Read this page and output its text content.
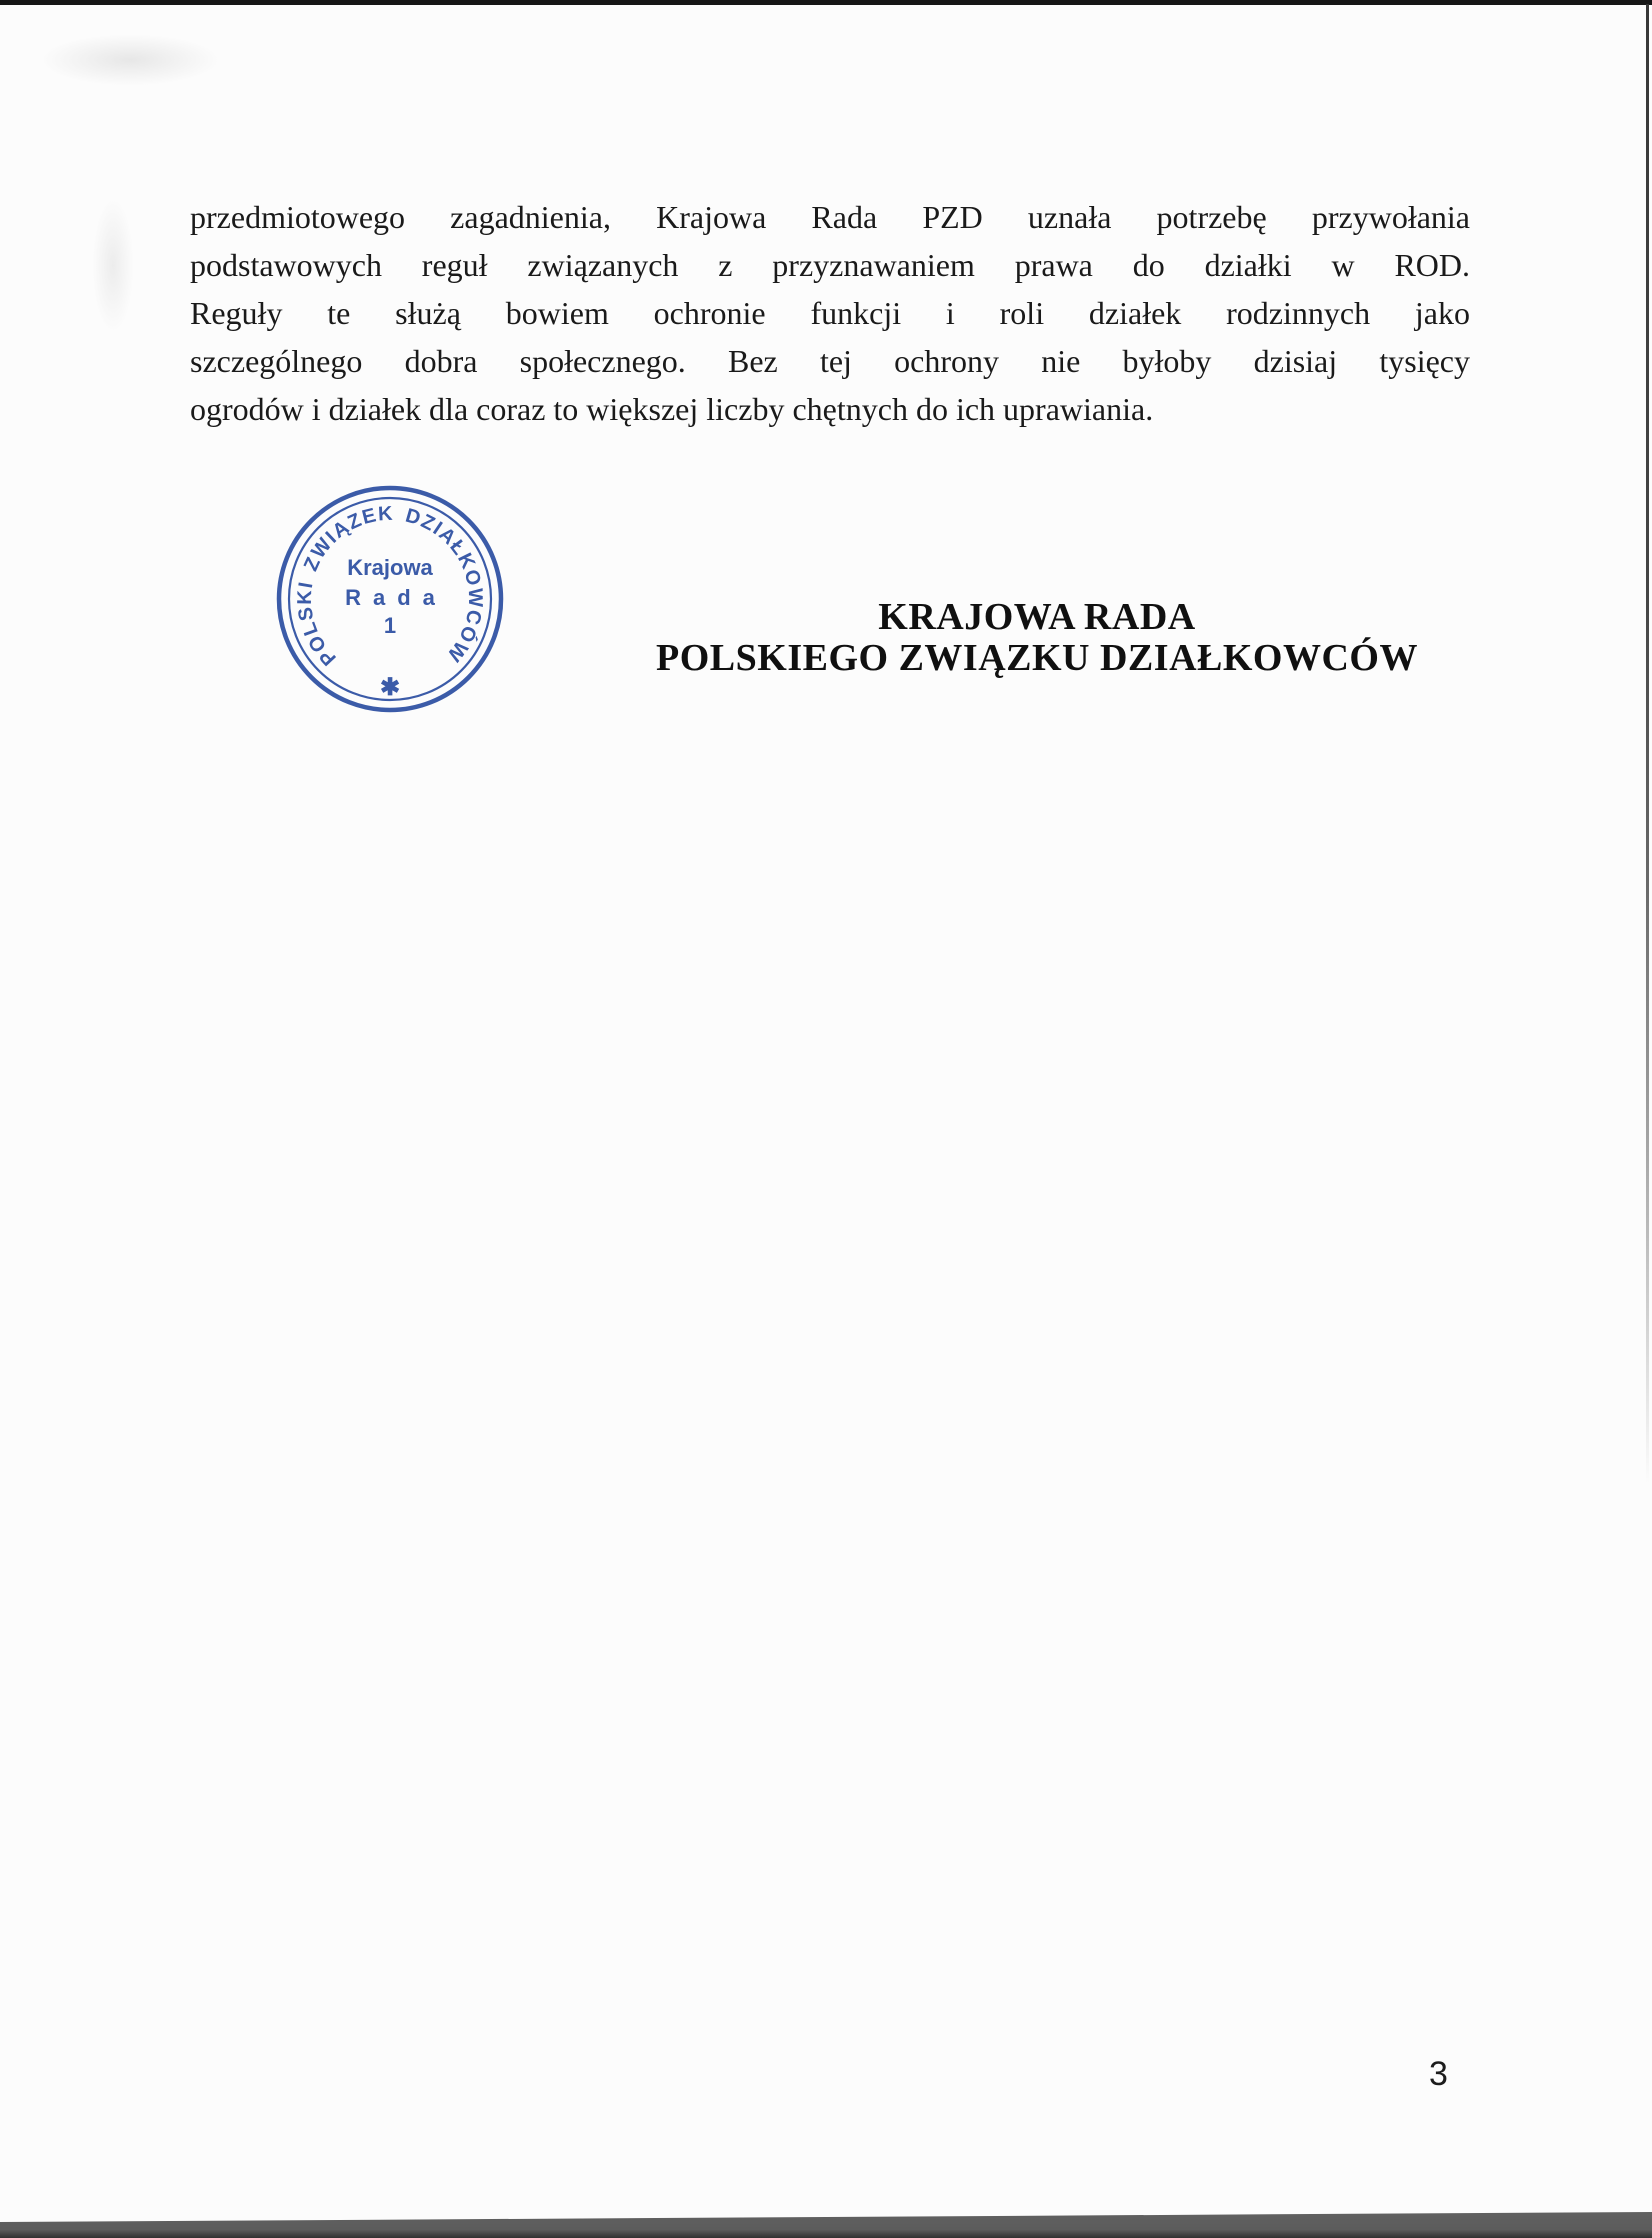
przedmiotowego zagadnienia, Krajowa Rada PZD uznała potrzebę przywołania
podstawowych reguł związanych z przyznawaniem prawa do działki w ROD.
Reguły te służą bowiem ochronie funkcji i roli działek rodzinnych jako
szczególnego dobra społecznego. Bez tej ochrony nie byłoby dzisiaj tysięcy
ogrodów i działek dla coraz to większej liczby chętnych do ich uprawiania.
POLSKI ZWIĄZEK DZIAŁKOWCÓW
Krajowa
Rada
1
✱
KRAJOWA RADA
POLSKIEGO ZWIĄZKU DZIAŁKOWCÓW
3
